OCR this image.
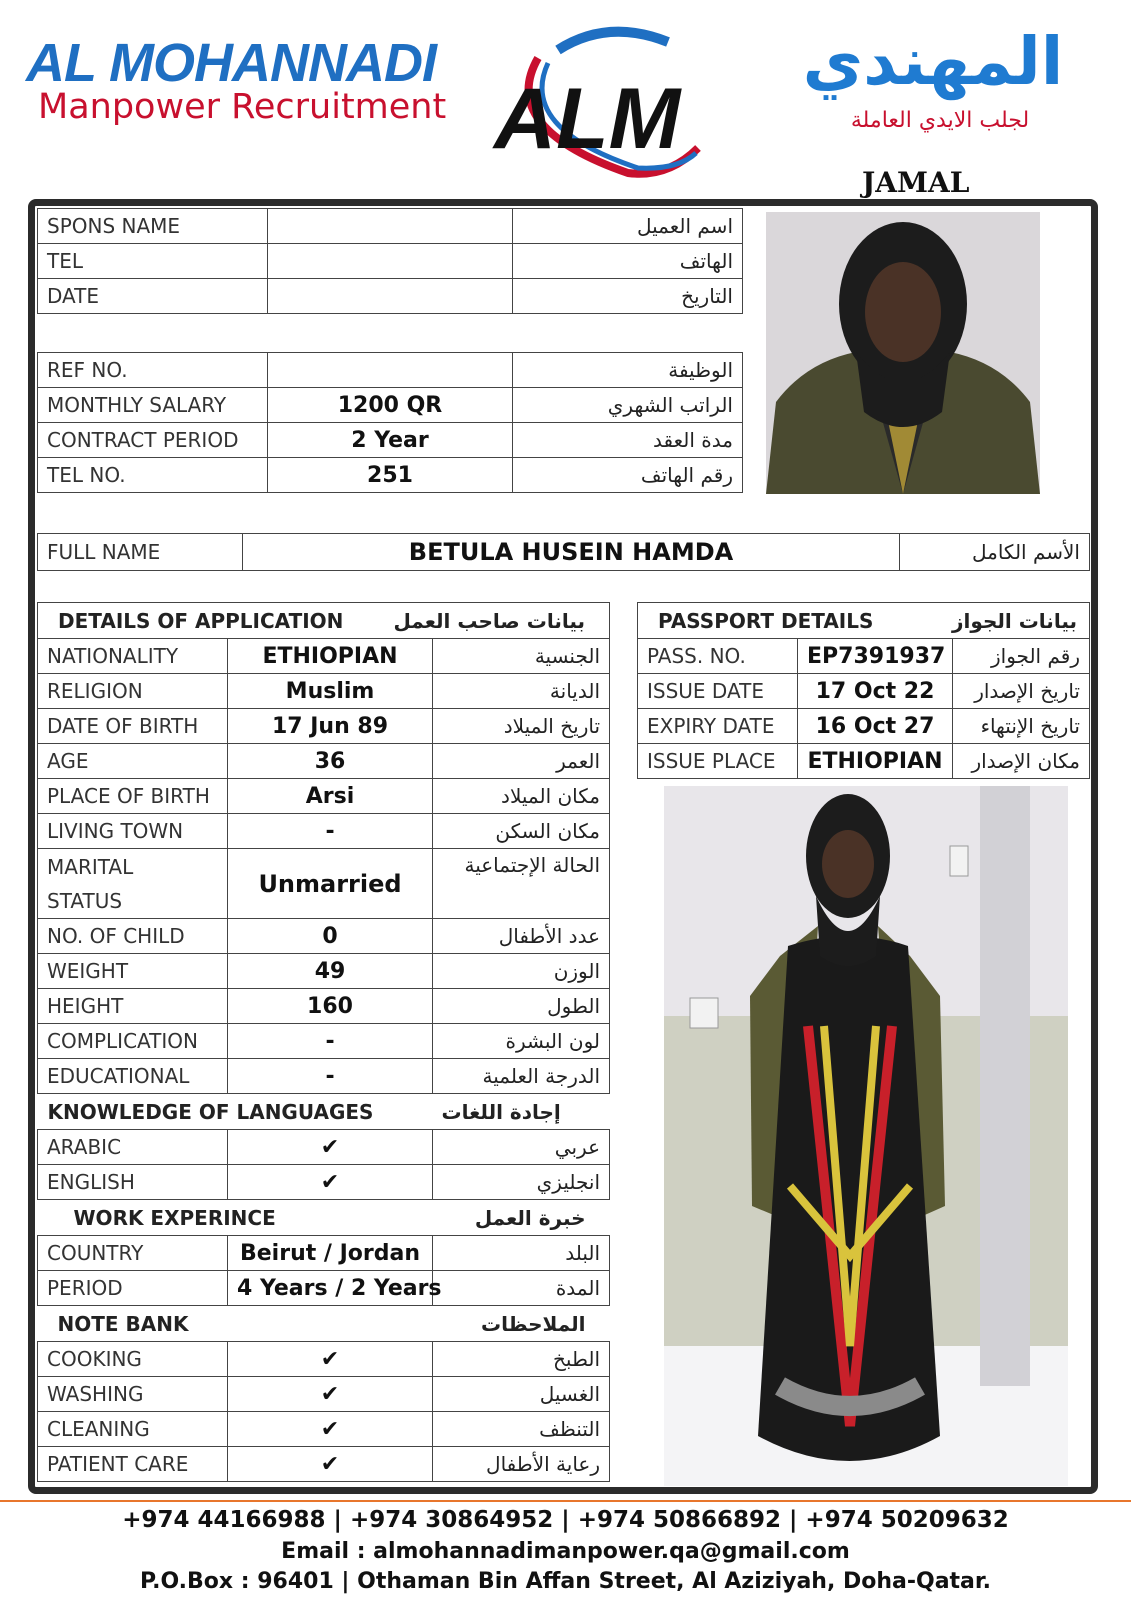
AL MOHANNADI
Manpower Recruitment ALM
المهندي
لجلب الايدي العاملة
JAMAL
SPONS NAME		اسم العميل
TEL		الهاتف
DATE		التاريخ
REF NO.		الوظيفة
MONTHLY SALARY	1200 QR	الراتب الشهري
CONTRACT PERIOD	2 Year	مدة العقد
TEL NO.	251	رقم الهاتف
FULL NAME	BETULA HUSEIN HAMDA	الأسم الكامل
DETAILS OF APPLICATION		بيانات صاحب العمل
NATIONALITY	ETHIOPIAN	الجنسية
RELIGION	Muslim	الديانة
DATE OF BIRTH	17 Jun 89	تاريخ الميلاد
AGE	36	العمر
PLACE OF BIRTH	Arsi	مكان الميلاد
LIVING TOWN	-	مكان السكن

MARITAL
STATUS	Unmarried	الحالة الإجتماعية
NO. OF CHILD	0	عدد الأطفال
WEIGHT	49	الوزن
HEIGHT	160	الطول
COMPLICATION	-	لون البشرة
EDUCATIONAL	-	الدرجة العلمية
KNOWLEDGE OF LANGUAGES		إجادة اللغات
ARABIC	✔	عربي
ENGLISH	✔	انجليزي
WORK EXPERINCE		خبرة العمل
COUNTRY	Beirut / Jordan	البلد
PERIOD	4 Years / 2 Years	المدة
NOTE BANK		الملاحظات
COOKING	✔	الطبخ
WASHING	✔	الغسيل
CLEANING	✔	التنظف
PATIENT CARE	✔	رعاية الأطفال
PASSPORT DETAILS		بيانات الجواز
PASS. NO.	EP7391937	رقم الجواز
ISSUE DATE	17 Oct 22	تاريخ الإصدار
EXPIRY DATE	16 Oct 27	تاريخ الإنتهاء
ISSUE PLACE	ETHIOPIAN	مكان الإصدار
+974 44166988 | +974 30864952 | +974 50866892 | +974 50209632
Email : almohannadimanpower.qa@gmail.com
P.O.Box : 96401 | Othaman Bin Affan Street, Al Aziziyah, Doha-Qatar.
